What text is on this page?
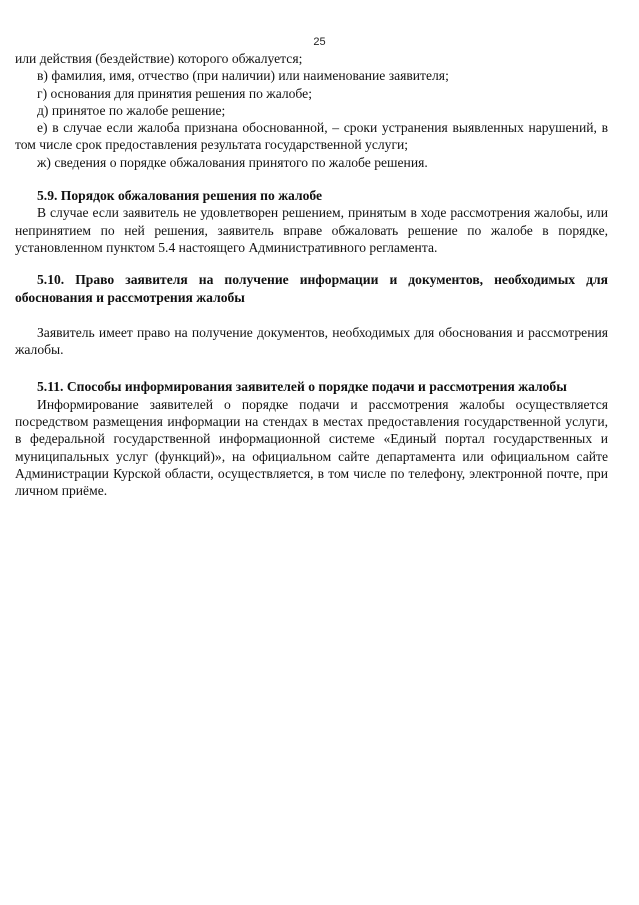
25

или действия (бездействие) которого обжалуется;

в) фамилия, имя, отчество (при наличии) или наименование заявителя;

г) основания для принятия решения по жалобе;

д) принятое по жалобе решение;

е) в случае если жалоба признана обоснованной, – сроки устранения выявленных нарушений, в том числе срок предоставления результата государственной услуги;

ж) сведения о порядке обжалования принятого по жалобе решения.

5.9. Порядок обжалования решения по жалобе

В случае если заявитель не удовлетворен решением, принятым в ходе рассмотрения жалобы, или непринятием по ней решения, заявитель вправе обжаловать решение по жалобе в порядке, установленном пунктом 5.4 настоящего Административного регламента.

5.10. Право заявителя на получение информации и документов, необходимых для обоснования и рассмотрения жалобы

Заявитель имеет право на получение документов, необходимых для обоснования и рассмотрения жалобы.

5.11. Способы информирования заявителей о порядке подачи и рассмотрения жалобы

Информирование заявителей о порядке подачи и рассмотрения жалобы осуществляется посредством размещения информации на стендах в местах предоставления государственной услуги, в федеральной государственной информационной системе «Единый портал государственных и муниципальных услуг (функций)», на официальном сайте департамента или официальном сайте Администрации Курской области, осуществляется, в том числе по телефону, электронной почте, при личном приёме.
